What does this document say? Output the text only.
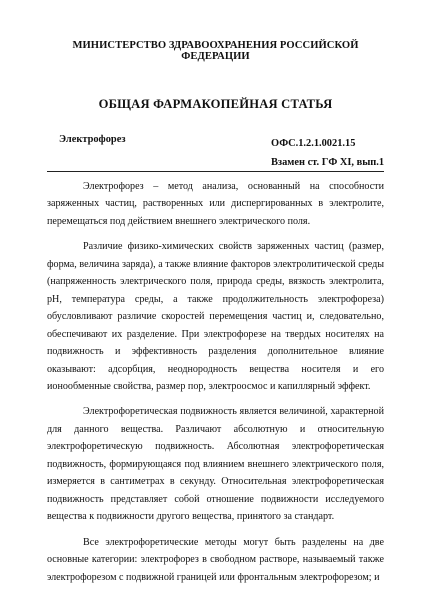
МИНИСТЕРСТВО ЗДРАВООХРАНЕНИЯ РОССИЙСКОЙ ФЕДЕРАЦИИ
ОБЩАЯ ФАРМАКОПЕЙНАЯ СТАТЬЯ
Электрофорез	ОФС.1.2.1.0021.15
Взамен ст. ГФ XI, вып.1

Электрофорез – метод анализа, основанный на способности заряженных частиц, растворенных или диспергированных в электролите, перемещаться под действием внешнего электрического поля.

Различие физико-химических свойств заряженных частиц (размер, форма, величина заряда), а также влияние факторов электролитической среды (напряженность электрического поля, природа среды, вязкость электролита, pH, температура среды, а также продолжительность электрофореза) обусловливают различие скоростей перемещения частиц и, следовательно, обеспечивают их разделение. При электрофорезе на твердых носителях на подвижность и эффективность разделения дополнительное влияние оказывают: адсорбция, неоднородность вещества носителя и его ионообменные свойства, размер пор, электроосмос и капиллярный эффект.

Электрофоретическая подвижность является величиной, характерной для данного вещества. Различают абсолютную и относительную электрофоретическую подвижность. Абсолютная электрофоретическая подвижность, формирующаяся под влиянием внешнего электрического поля, измеряется в сантиметрах в секунду. Относительная электрофоретическая подвижность представляет собой отношение подвижности исследуемого вещества к подвижности другого вещества, принятого за стандарт.

Все электрофоретические методы могут быть разделены на две основные категории: электрофорез в свободном растворе, называемый также электрофорезом с подвижной границей или фронтальным электрофорезом; и
